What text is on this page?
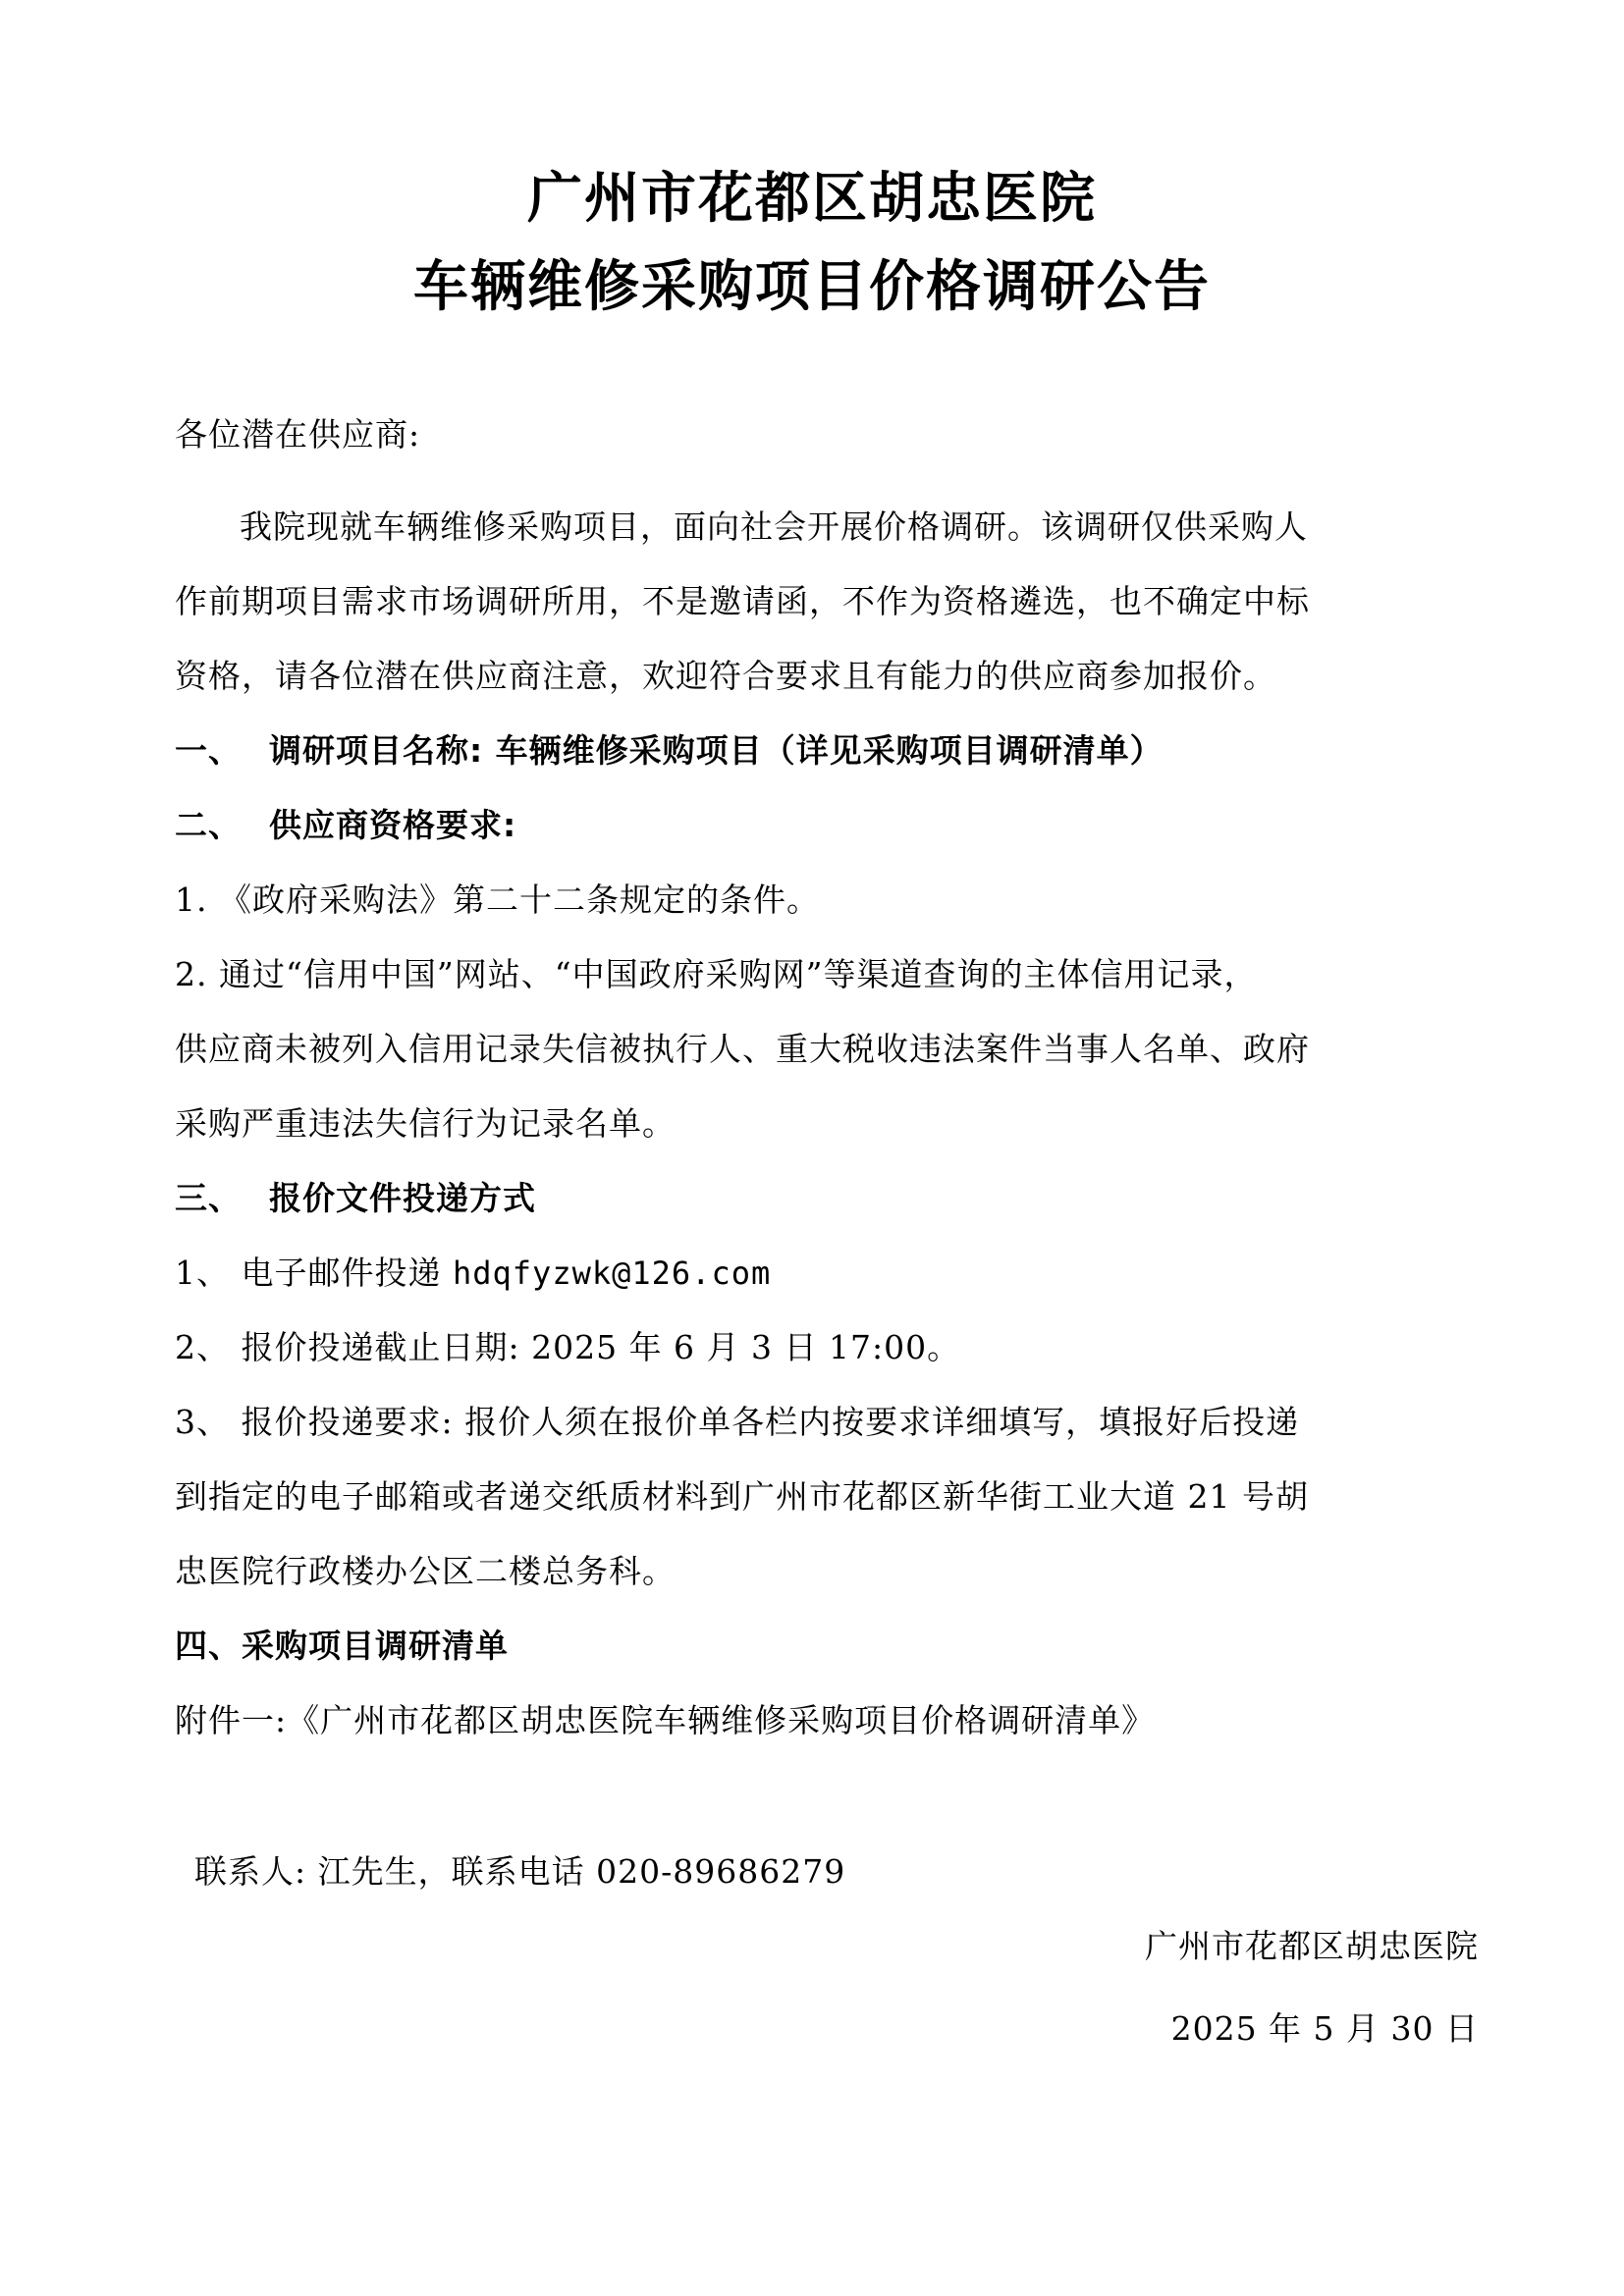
广州市花都区胡忠医院
车辆维修采购项目价格调研公告
各位潜在供应商:
我院现就车辆维修采购项目，面向社会开展价格调研。该调研仅供采购人
作前期项目需求市场调研所用，不是邀请函，不作为资格遴选，也不确定中标
资格，请各位潜在供应商注意，欢迎符合要求且有能力的供应商参加报价。
一、 调研项目名称: 车辆维修采购项目（详见采购项目调研清单）
二、 供应商资格要求:
1. 《政府采购法》第二十二条规定的条件。
2. 通过“信用中国”网站、“中国政府采购网”等渠道查询的主体信用记录，
供应商未被列入信用记录失信被执行人、重大税收违法案件当事人名单、政府
采购严重违法失信行为记录名单。
三、 报价文件投递方式
1、 电子邮件投递 hdqfyzwk@126.com
2、 报价投递截止日期: 2025 年 6 月 3 日 17:00。
3、 报价投递要求: 报价人须在报价单各栏内按要求详细填写，填报好后投递
到指定的电子邮箱或者递交纸质材料到广州市花都区新华街工业大道 21 号胡
忠医院行政楼办公区二楼总务科。
四、采购项目调研清单
附件一:《广州市花都区胡忠医院车辆维修采购项目价格调研清单》
联系人: 江先生，联系电话 020-89686279
广州市花都区胡忠医院
2025 年 5 月 30 日
